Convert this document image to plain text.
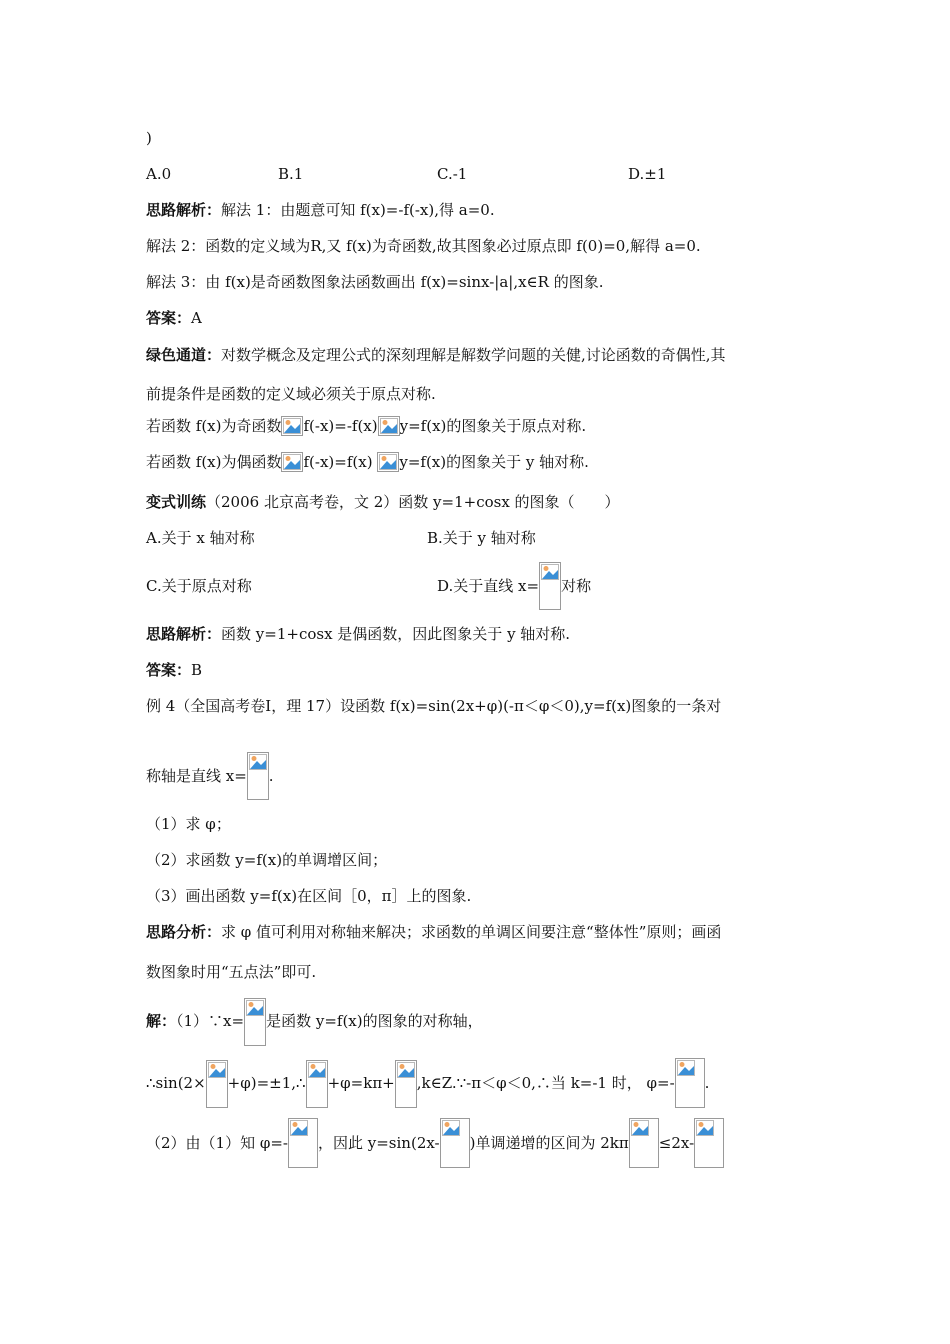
)
A.0	B.1	C.-1	D.±1
思路解析：解法 1：由题意可知 f(x)=-f(-x),得 a=0.
解法 2：函数的定义域为R,又 f(x)为奇函数,故其图象必过原点即 f(0)=0,解得 a=0.
解法 3：由 f(x)是奇函数图象法函数画出 f(x)=sinx-|a|,x∈R 的图象.
答案：A
绿色通道：对数学概念及定理公式的深刻理解是解数学问题的关健,讨论函数的奇偶性,其
前提条件是函数的定义域必须关于原点对称.
若函数 f(x)为奇函数 f(-x)=-f(x) y=f(x)的图象关于原点对称.
若函数 f(x)为偶函数 f(-x)=f(x) y=f(x)的图象关于 y 轴对称.
变式训练（2006 北京高考卷，文 2）函数 y=1+cosx 的图象（　　）
A.关于 x 轴对称	B.关于 y 轴对称
C.关于原点对称	D.关于直线 x= 对称
思路解析：函数 y=1+cosx 是偶函数，因此图象关于 y 轴对称.
答案：B
例 4（全国高考卷Ⅰ，理 17）设函数 f(x)=sin(2x+φ)(-π＜φ＜0),y=f(x)图象的一条对
称轴是直线 x= .
（1）求 φ；
（2）求函数 y=f(x)的单调增区间；
（3）画出函数 y=f(x)在区间［0，π］上的图象.
思路分析：求 φ 值可利用对称轴来解决；求函数的单调区间要注意“整体性”原则；画函
数图象时用“五点法”即可.
解：（1）∵x= 是函数 y=f(x)的图象的对称轴，
∴sin(2× +φ)=±1,∴ +φ=kπ+ ,k∈Z.∵-π＜φ＜0,∴当 k=-1 时， φ=- .
（2）由（1）知 φ=- ，因此 y=sin(2x- )单调递增的区间为 2kπ ≤2x-
